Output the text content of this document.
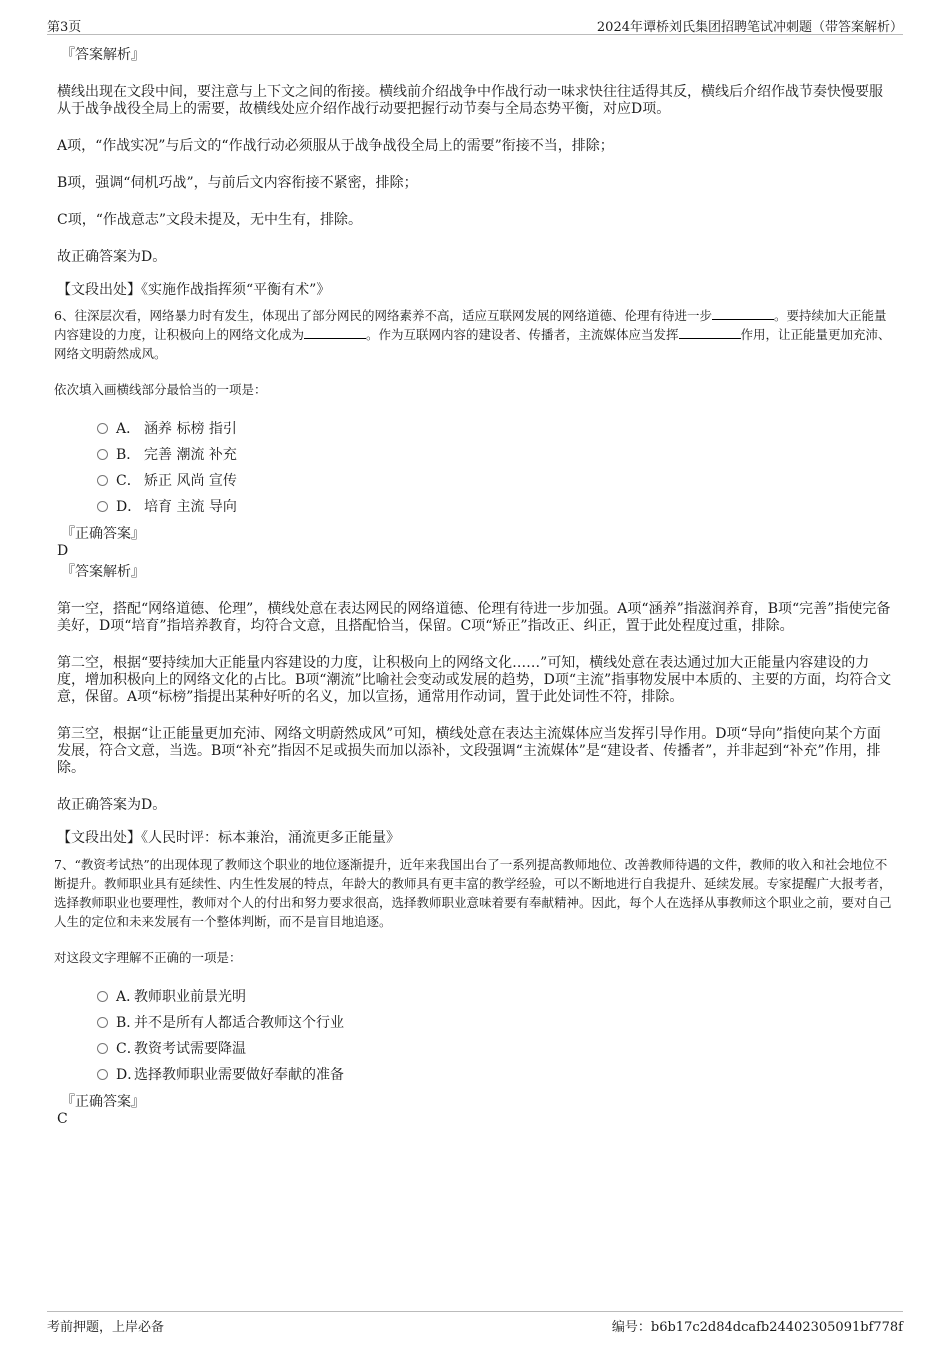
第3页	2024年谭桥刘氏集团招聘笔试冲刺题（带答案解析）
『答案解析』
横线出现在文段中间，要注意与上下文之间的衔接。横线前介绍战争中作战行动一味求快往往适得其反，横线后介绍作战节奏快慢要服从于战争战役全局上的需要，故横线处应介绍作战行动要把握行动节奏与全局态势平衡，对应D项。
A项，“作战实况”与后文的“作战行动必须服从于战争战役全局上的需要”衔接不当，排除；
B项，强调“伺机巧战”，与前后文内容衔接不紧密，排除；
C项，“作战意志”文段未提及，无中生有，排除。
故正确答案为D。
【文段出处】《实施作战指挥须“平衡有术”》
6、往深层次看，网络暴力时有发生，体现出了部分网民的网络素养不高，适应互联网发展的网络道德、伦理有待进一步	。要持续加大正能量内容建设的力度，让积极向上的网络文化成为	。作为互联网内容的建设者、传播者，主流媒体应当发挥	作用，让正能量更加充沛、网络文明蔚然成风。
依次填入画横线部分最恰当的一项是：
A． 涵养 标榜 指引
B． 完善 潮流 补充
C． 矫正 风尚 宣传
D． 培育 主流 导向
『正确答案』
D
『答案解析』
第一空，搭配“网络道德、伦理”，横线处意在表达网民的网络道德、伦理有待进一步加强。A项“涵养”指滋润养育，B项“完善”指使完备美好，D项“培育”指培养教育，均符合文意，且搭配恰当，保留。C项“矫正”指改正、纠正，置于此处程度过重，排除。
第二空，根据“要持续加大正能量内容建设的力度，让积极向上的网络文化……”可知，横线处意在表达通过加大正能量内容建设的力度，增加积极向上的网络文化的占比。B项“潮流”比喻社会变动或发展的趋势，D项“主流”指事物发展中本质的、主要的方面，均符合文意，保留。A项“标榜”指提出某种好听的名义，加以宣扬，通常用作动词，置于此处词性不符，排除。
第三空，根据“让正能量更加充沛、网络文明蔚然成风”可知，横线处意在表达主流媒体应当发挥引导作用。D项“导向”指使向某个方面发展，符合文意，当选。B项“补充”指因不足或损失而加以添补，文段强调“主流媒体”是“建设者、传播者”，并非起到“补充”作用，排除。
故正确答案为D。
【文段出处】《人民时评：标本兼治，涌流更多正能量》
7、“教资考试热”的出现体现了教师这个职业的地位逐渐提升，近年来我国出台了一系列提高教师地位、改善教师待遇的文件，教师的收入和社会地位不断提升。教师职业具有延续性、内生性发展的特点，年龄大的教师具有更丰富的教学经验，可以不断地进行自我提升、延续发展。专家提醒广大报考者，选择教师职业也要理性，教师对个人的付出和努力要求很高，选择教师职业意味着要有奉献精神。因此，每个人在选择从事教师这个职业之前，要对自己人生的定位和未来发展有一个整体判断，而不是盲目地追逐。
对这段文字理解不正确的一项是：
A．教师职业前景光明
B．并不是所有人都适合教师这个行业
C．教资考试需要降温
D．选择教师职业需要做好奉献的准备
『正确答案』
C
考前押题，上岸必备	编号：b6b17c2d84dcafb24402305091bf778f
